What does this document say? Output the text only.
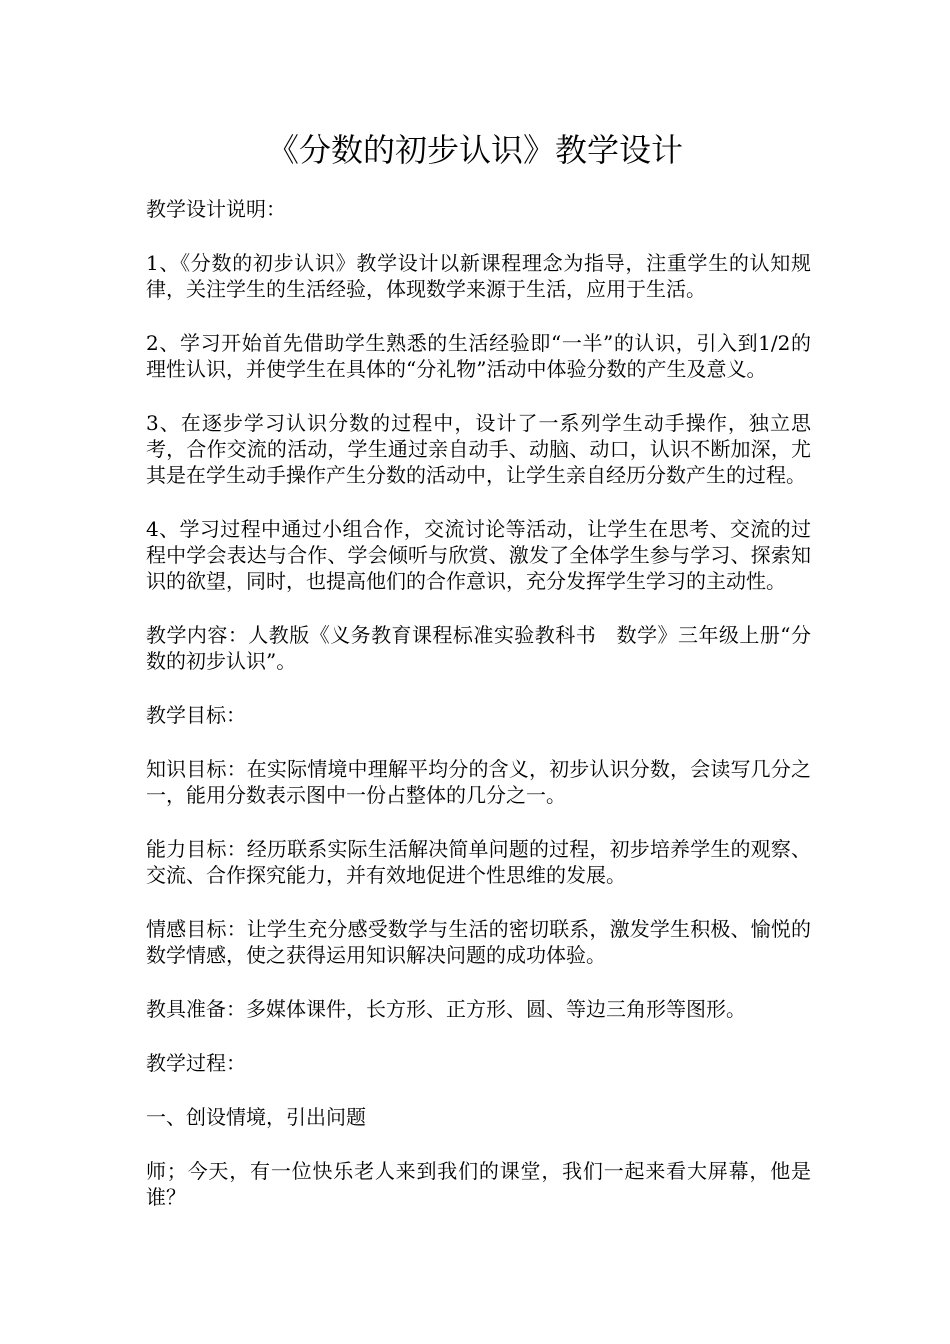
《分数的初步认识》教学设计

教学设计说明：

1、《分数的初步认识》教学设计以新课程理念为指导，注重学生的认知规律，关注学生的生活经验，体现数学来源于生活，应用于生活。

2、学习开始首先借助学生熟悉的生活经验即“一半”的认识，引入到1/2的理性认识，并使学生在具体的“分礼物”活动中体验分数的产生及意义。

3、在逐步学习认识分数的过程中，设计了一系列学生动手操作，独立思考，合作交流的活动，学生通过亲自动手、动脑、动口，认识不断加深，尤其是在学生动手操作产生分数的活动中，让学生亲自经历分数产生的过程。

4、学习过程中通过小组合作，交流讨论等活动，让学生在思考、交流的过程中学会表达与合作、学会倾听与欣赏、激发了全体学生参与学习、探索知识的欲望，同时，也提高他们的合作意识，充分发挥学生学习的主动性。

教学内容：人教版《义务教育课程标准实验教科书　数学》三年级上册“分数的初步认识”。

教学目标：

知识目标：在实际情境中理解平均分的含义，初步认识分数，会读写几分之一，能用分数表示图中一份占整体的几分之一。

能力目标：经历联系实际生活解决简单问题的过程，初步培养学生的观察、交流、合作探究能力，并有效地促进个性思维的发展。

情感目标：让学生充分感受数学与生活的密切联系，激发学生积极、愉悦的数学情感，使之获得运用知识解决问题的成功体验。

教具准备：多媒体课件，长方形、正方形、圆、等边三角形等图形。

教学过程：

一、创设情境，引出问题

师；今天，有一位快乐老人来到我们的课堂，我们一起来看大屏幕，他是谁？
